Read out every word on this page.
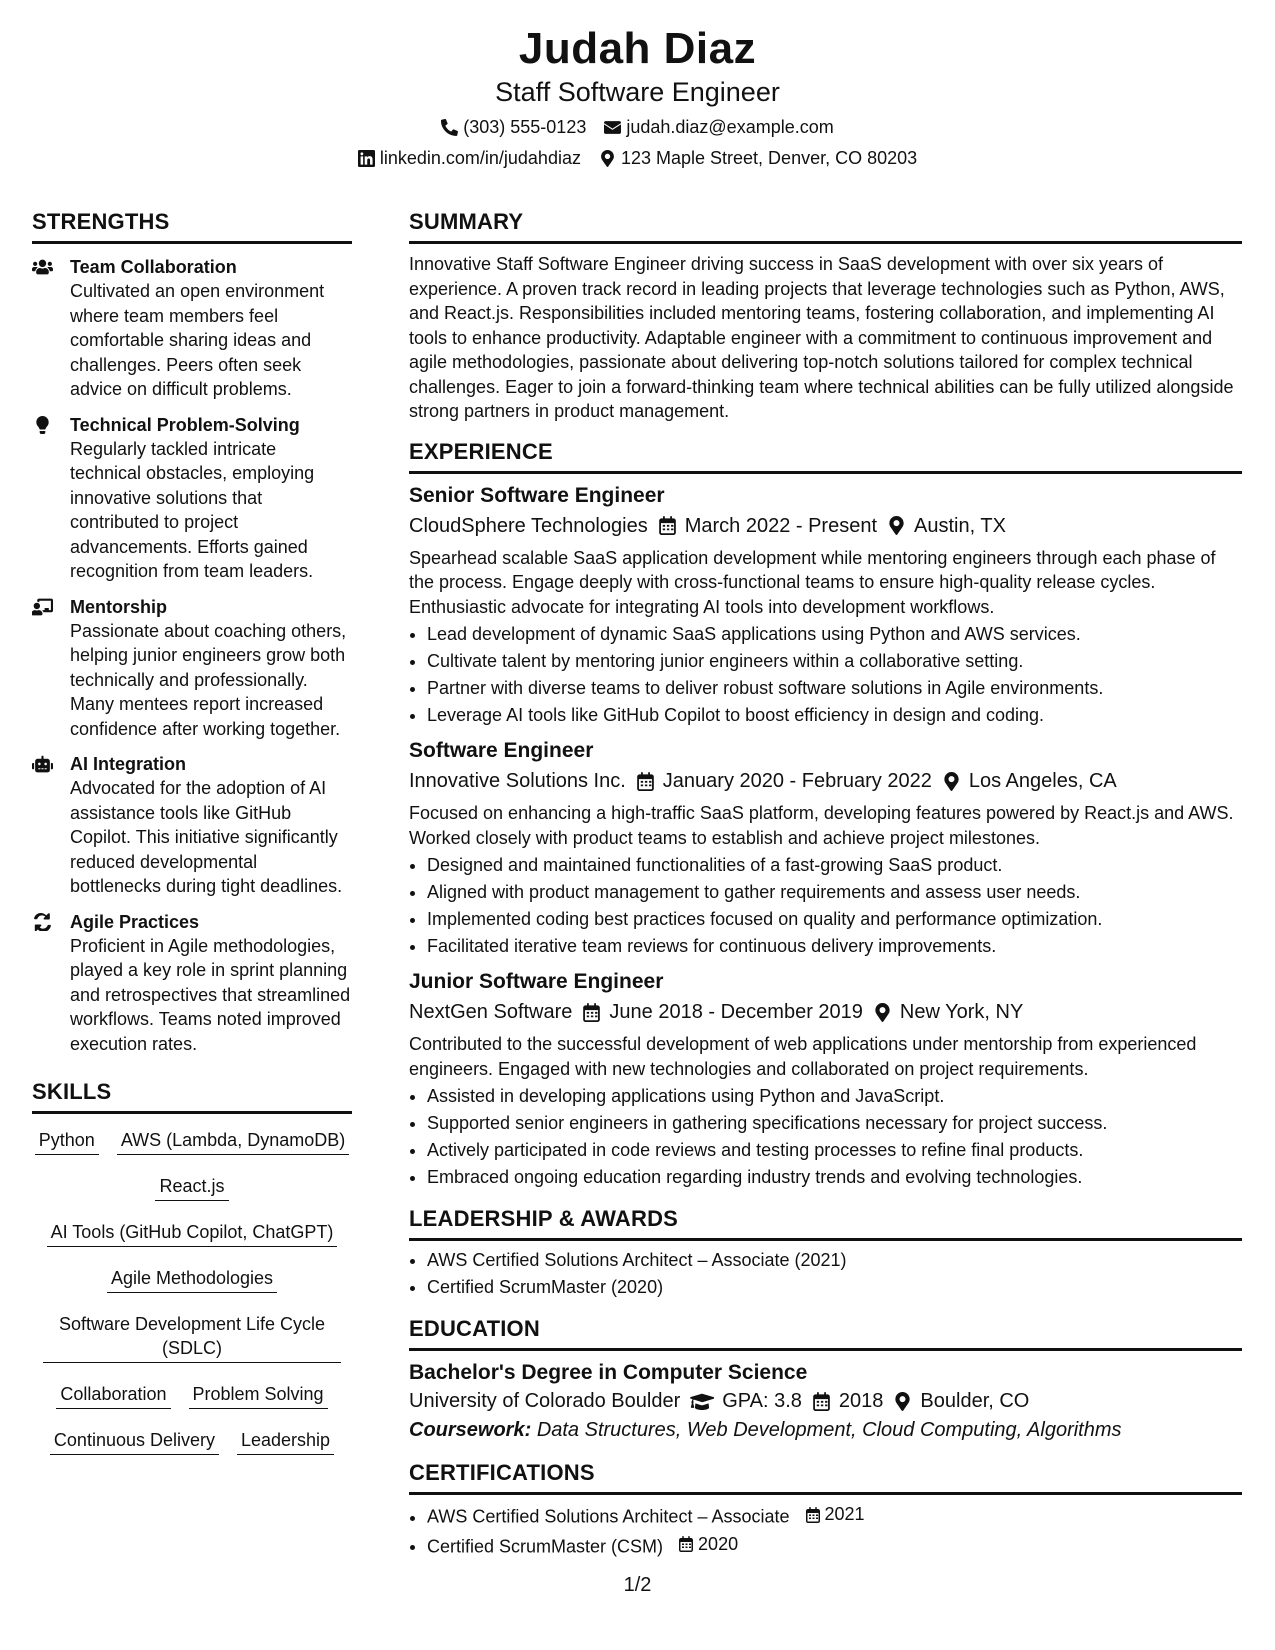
Judah Diaz
Staff Software Engineer
(303) 555-0123 judah.diaz@example.com
linkedin.com/in/judahdiaz 123 Maple Street, Denver, CO 80203
STRENGTHS
Team Collaboration
Cultivated an open environment where team members feel comfortable sharing ideas and challenges. Peers often seek advice on difficult problems.
Technical Problem-Solving
Regularly tackled intricate technical obstacles, employing innovative solutions that contributed to project advancements. Efforts gained recognition from team leaders.
Mentorship
Passionate about coaching others, helping junior engineers grow both technically and professionally. Many mentees report increased confidence after working together.
AI Integration
Advocated for the adoption of AI assistance tools like GitHub Copilot. This initiative significantly reduced developmental bottlenecks during tight deadlines.
Agile Practices
Proficient in Agile methodologies, played a key role in sprint planning and retrospectives that streamlined workflows. Teams noted improved execution rates.
SKILLS
Python AWS (Lambda, DynamoDB)
React.js
AI Tools (GitHub Copilot, ChatGPT)
Agile Methodologies
Software Development Life Cycle (SDLC)
Collaboration Problem Solving
Continuous Delivery Leadership
SUMMARY
Innovative Staff Software Engineer driving success in SaaS development with over six years of experience. A proven track record in leading projects that leverage technologies such as Python, AWS, and React.js. Responsibilities included mentoring teams, fostering collaboration, and implementing AI tools to enhance productivity. Adaptable engineer with a commitment to continuous improvement and agile methodologies, passionate about delivering top-notch solutions tailored for complex technical challenges. Eager to join a forward-thinking team where technical abilities can be fully utilized alongside strong partners in product management.
EXPERIENCE
Senior Software Engineer
CloudSphere Technologies March 2022 - Present Austin, TX
Spearhead scalable SaaS application development while mentoring engineers through each phase of the process. Engage deeply with cross-functional teams to ensure high-quality release cycles. Enthusiastic advocate for integrating AI tools into development workflows.
• Lead development of dynamic SaaS applications using Python and AWS services.
• Cultivate talent by mentoring junior engineers within a collaborative setting.
• Partner with diverse teams to deliver robust software solutions in Agile environments.
• Leverage AI tools like GitHub Copilot to boost efficiency in design and coding.
Software Engineer
Innovative Solutions Inc. January 2020 - February 2022 Los Angeles, CA
Focused on enhancing a high-traffic SaaS platform, developing features powered by React.js and AWS. Worked closely with product teams to establish and achieve project milestones.
• Designed and maintained functionalities of a fast-growing SaaS product.
• Aligned with product management to gather requirements and assess user needs.
• Implemented coding best practices focused on quality and performance optimization.
• Facilitated iterative team reviews for continuous delivery improvements.
Junior Software Engineer
NextGen Software June 2018 - December 2019 New York, NY
Contributed to the successful development of web applications under mentorship from experienced engineers. Engaged with new technologies and collaborated on project requirements.
• Assisted in developing applications using Python and JavaScript.
• Supported senior engineers in gathering specifications necessary for project success.
• Actively participated in code reviews and testing processes to refine final products.
• Embraced ongoing education regarding industry trends and evolving technologies.
LEADERSHIP & AWARDS
• AWS Certified Solutions Architect – Associate (2021)
• Certified ScrumMaster (2020)
EDUCATION
Bachelor's Degree in Computer Science
University of Colorado Boulder GPA: 3.8 2018 Boulder, CO
Coursework: Data Structures, Web Development, Cloud Computing, Algorithms
CERTIFICATIONS
• AWS Certified Solutions Architect – Associate 2021
• Certified ScrumMaster (CSM) 2020
1/2
